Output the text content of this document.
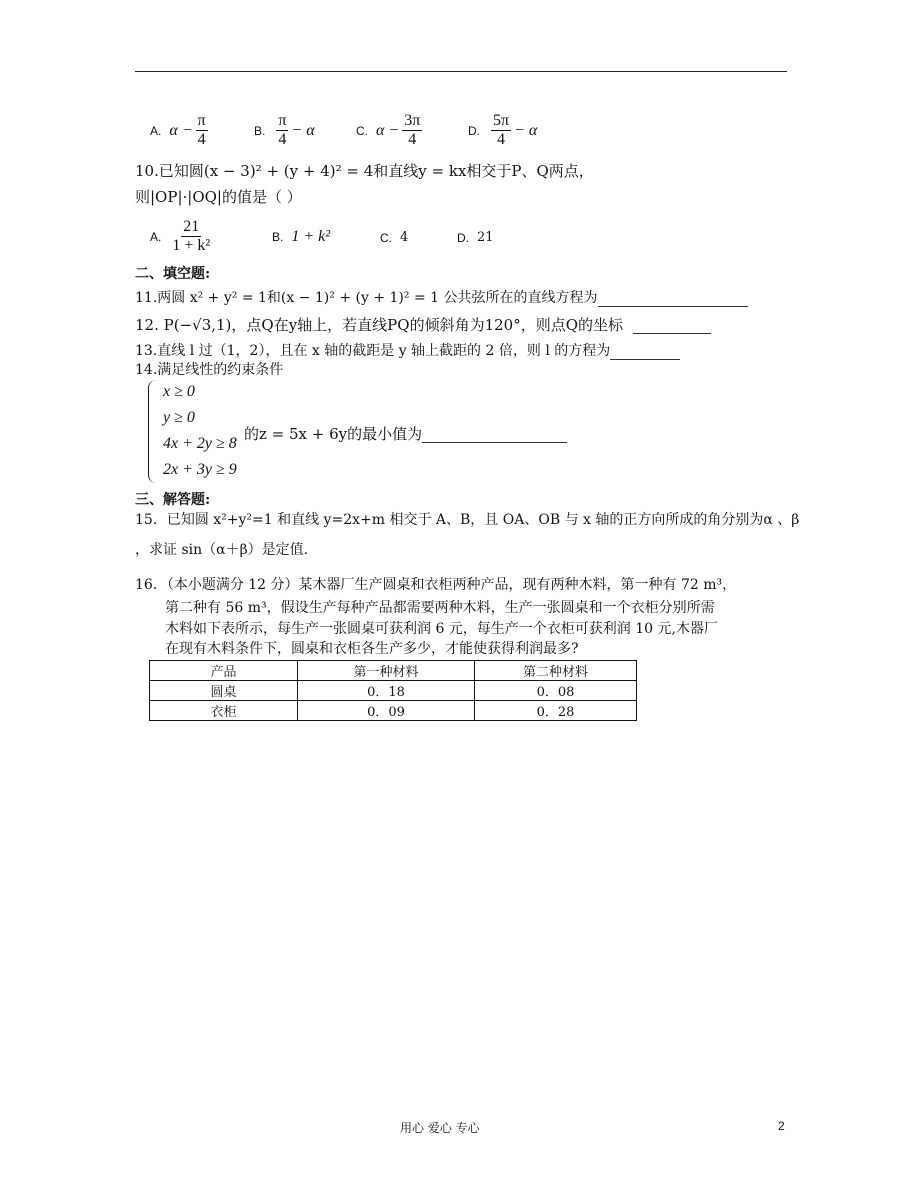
A. $\alpha - \frac{\pi}{4}$	B. $\frac{\pi}{4} - \alpha$	C. $\alpha - \frac{3\pi}{4}$	D. $\frac{5\pi}{4} - \alpha$
10.已知圆(x − 3)² + (y + 4)² = 4和直线y = kx相交于P、Q两点，
则|OP|·|OQ|的值是（ ）
A. $\frac{21}{\text{1 + k²}}$	B. 1 + k²	C. 4	D. 21
二、填空题:
11.两圆 x² + y² = 1和(x − 1)² + (y + 1)² = 1 公共弦所在的直线方程为
12. P(−√3,1)，点Q在y轴上，若直线PQ的倾斜角为120°，则点Q的坐标
13.直线 l 过（1，2），且在 x 轴的截距是 y 轴上截距的 2 倍，则 l 的方程为
14.满足线性的约束条件
x ≥ 0
y ≥ 0
4x + 2y ≥ 8
2x + 3y ≥ 9
的z = 5x + 6y的最小值为
三、解答题:
15．已知圆 x²+y²=1 和直线 y=2x+m 相交于 A、B，且 OA、OB 与 x 轴的正方向所成的角分别为α 、β
，求证 sin（α＋β）是定值.
16．（本小题满分 12 分）某木器厂生产圆桌和衣柜两种产品，现有两种木料，第一种有 72 m³，
第二种有 56 m³，假设生产每种产品都需要两种木料，生产一张圆桌和一个衣柜分别所需
木料如下表所示，每生产一张圆桌可获利润 6 元，每生产一个衣柜可获利润 10 元,木器厂
在现有木料条件下，圆桌和衣柜各生产多少，才能使获得利润最多?
产品	第一种材料	第二种材料
圆桌	0．18	0．08
衣柜	0．09	0．28
用心 爱心 专心	2
